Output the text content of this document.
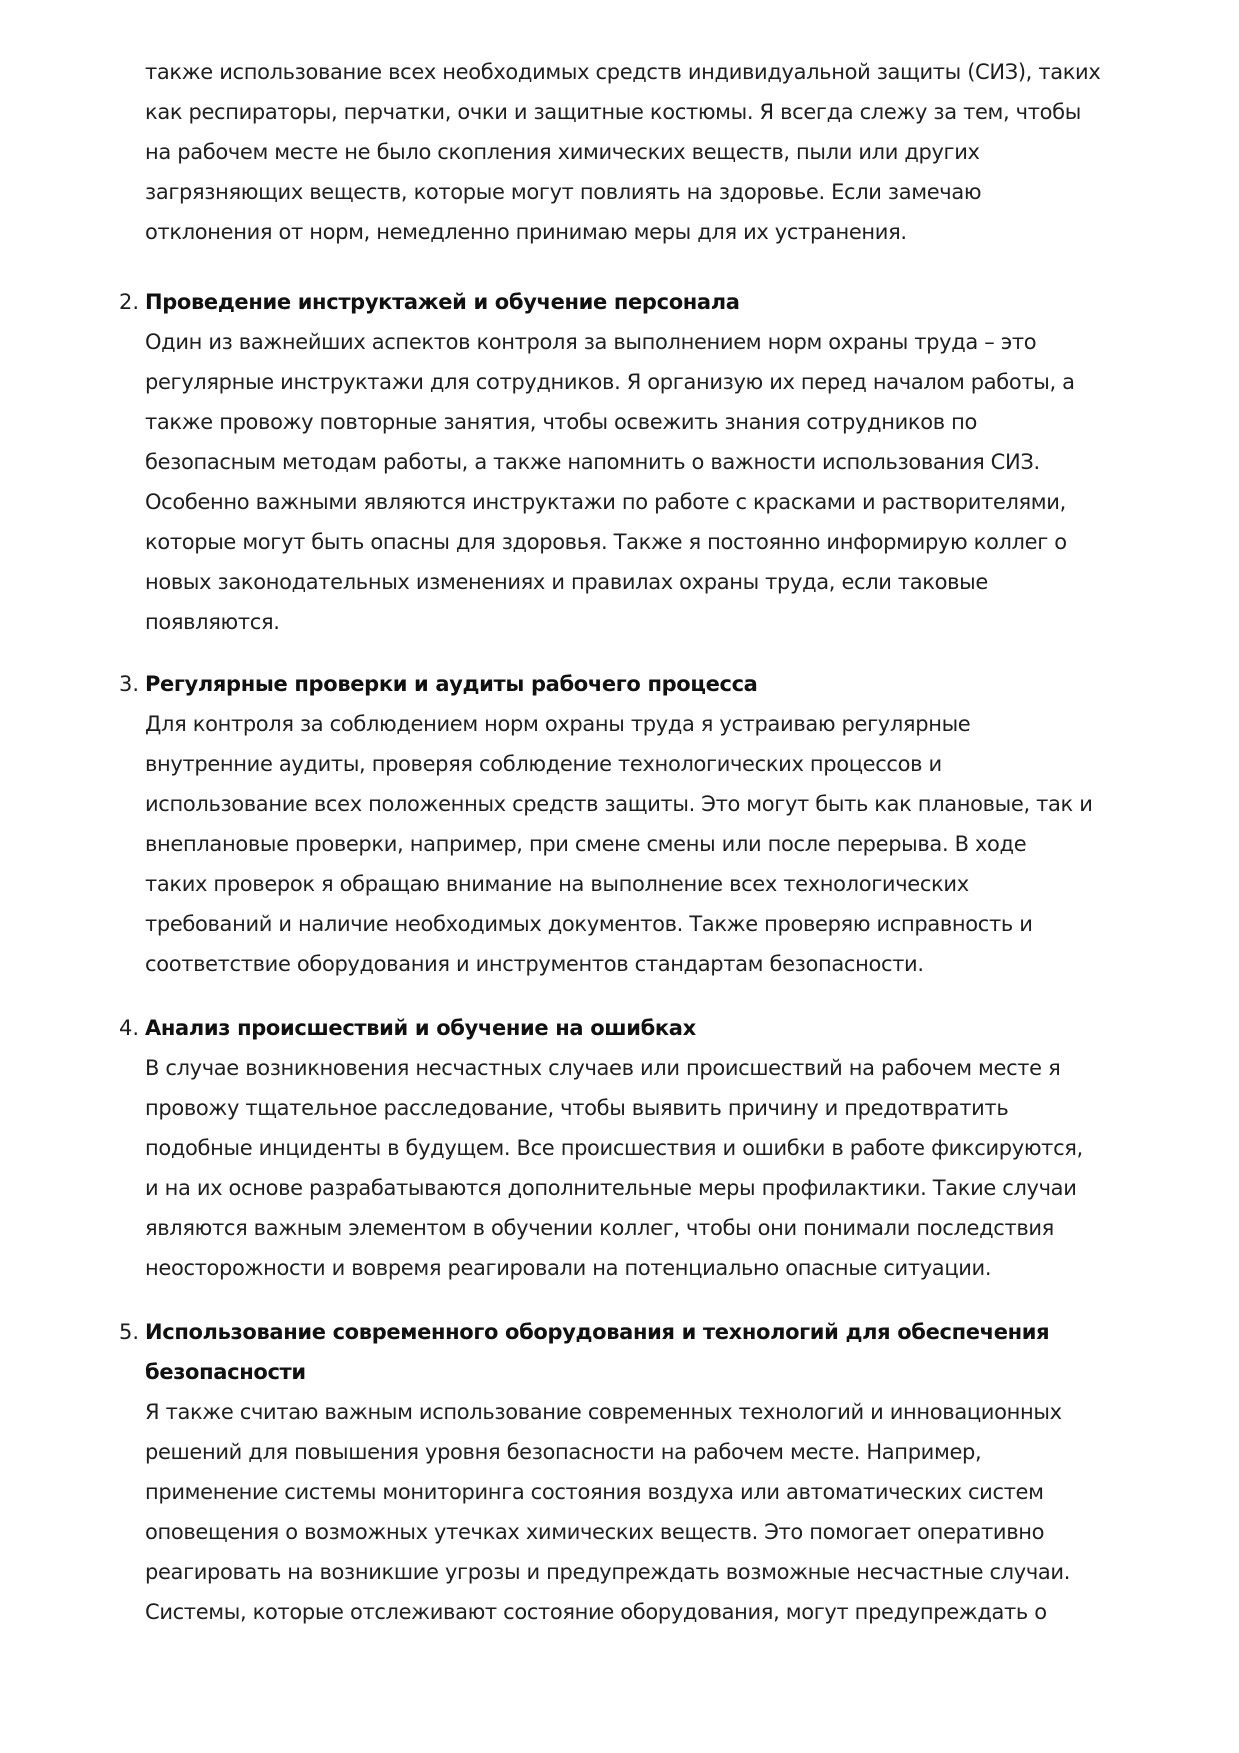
также использование всех необходимых средств индивидуальной защиты (СИЗ), таких
как респираторы, перчатки, очки и защитные костюмы. Я всегда слежу за тем, чтобы
на рабочем месте не было скопления химических веществ, пыли или других
загрязняющих веществ, которые могут повлиять на здоровье. Если замечаю
отклонения от норм, немедленно принимаю меры для их устранения.
2. Проведение инструктажей и обучение персонала
Один из важнейших аспектов контроля за выполнением норм охраны труда – это
регулярные инструктажи для сотрудников. Я организую их перед началом работы, а
также провожу повторные занятия, чтобы освежить знания сотрудников по
безопасным методам работы, а также напомнить о важности использования СИЗ.
Особенно важными являются инструктажи по работе с красками и растворителями,
которые могут быть опасны для здоровья. Также я постоянно информирую коллег о
новых законодательных изменениях и правилах охраны труда, если таковые
появляются.
3. Регулярные проверки и аудиты рабочего процесса
Для контроля за соблюдением норм охраны труда я устраиваю регулярные
внутренние аудиты, проверяя соблюдение технологических процессов и
использование всех положенных средств защиты. Это могут быть как плановые, так и
внеплановые проверки, например, при смене смены или после перерыва. В ходе
таких проверок я обращаю внимание на выполнение всех технологических
требований и наличие необходимых документов. Также проверяю исправность и
соответствие оборудования и инструментов стандартам безопасности.
4. Анализ происшествий и обучение на ошибках
В случае возникновения несчастных случаев или происшествий на рабочем месте я
провожу тщательное расследование, чтобы выявить причину и предотвратить
подобные инциденты в будущем. Все происшествия и ошибки в работе фиксируются,
и на их основе разрабатываются дополнительные меры профилактики. Такие случаи
являются важным элементом в обучении коллег, чтобы они понимали последствия
неосторожности и вовремя реагировали на потенциально опасные ситуации.
5. Использование современного оборудования и технологий для обеспечения
безопасности
Я также считаю важным использование современных технологий и инновационных
решений для повышения уровня безопасности на рабочем месте. Например,
применение системы мониторинга состояния воздуха или автоматических систем
оповещения о возможных утечках химических веществ. Это помогает оперативно
реагировать на возникшие угрозы и предупреждать возможные несчастные случаи.
Системы, которые отслеживают состояние оборудования, могут предупреждать о
